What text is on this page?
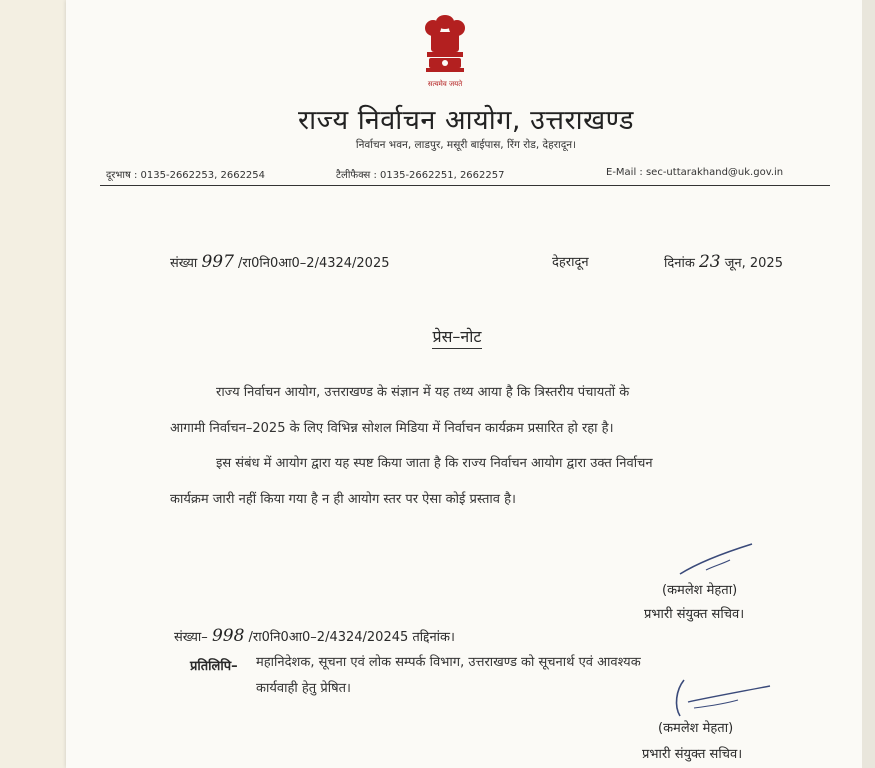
सत्यमेव जयते
राज्य निर्वाचन आयोग, उत्तराखण्ड
निर्वाचन भवन, लाडपुर, मसूरी बाईपास, रिंग रोड, देहरादून।
दूरभाष : 0135-2662253, 2662254	टैलीफैक्स : 0135-2662251, 2662257	E-Mail : sec-uttarakhand@uk.gov.in
संख्या 997 /रा0नि0आ0–2/4324/2025	देहरादून	दिनांक 23 जून, 2025
प्रेस–नोट
राज्य निर्वाचन आयोग, उत्तराखण्ड के संज्ञान में यह तथ्य आया है कि त्रिस्तरीय पंचायतों के
आगामी निर्वाचन–2025 के लिए विभिन्न सोशल मिडिया में निर्वाचन कार्यक्रम प्रसारित हो रहा है।
इस संबंध में आयोग द्वारा यह स्पष्ट किया जाता है कि राज्य निर्वाचन आयोग द्वारा उक्त निर्वाचन
कार्यक्रम जारी नहीं किया गया है न ही आयोग स्तर पर ऐसा कोई प्रस्ताव है।
(कमलेश मेहता)
प्रभारी संयुक्त सचिव।
संख्या– 998 /रा0नि0आ0–2/4324/20245 तद्दिनांक।
प्रतिलिपि– महानिदेशक, सूचना एवं लोक सम्पर्क विभाग, उत्तराखण्ड को सूचनार्थ एवं आवश्यक
कार्यवाही हेतु प्रेषित।
(कमलेश मेहता)
प्रभारी संयुक्त सचिव।
